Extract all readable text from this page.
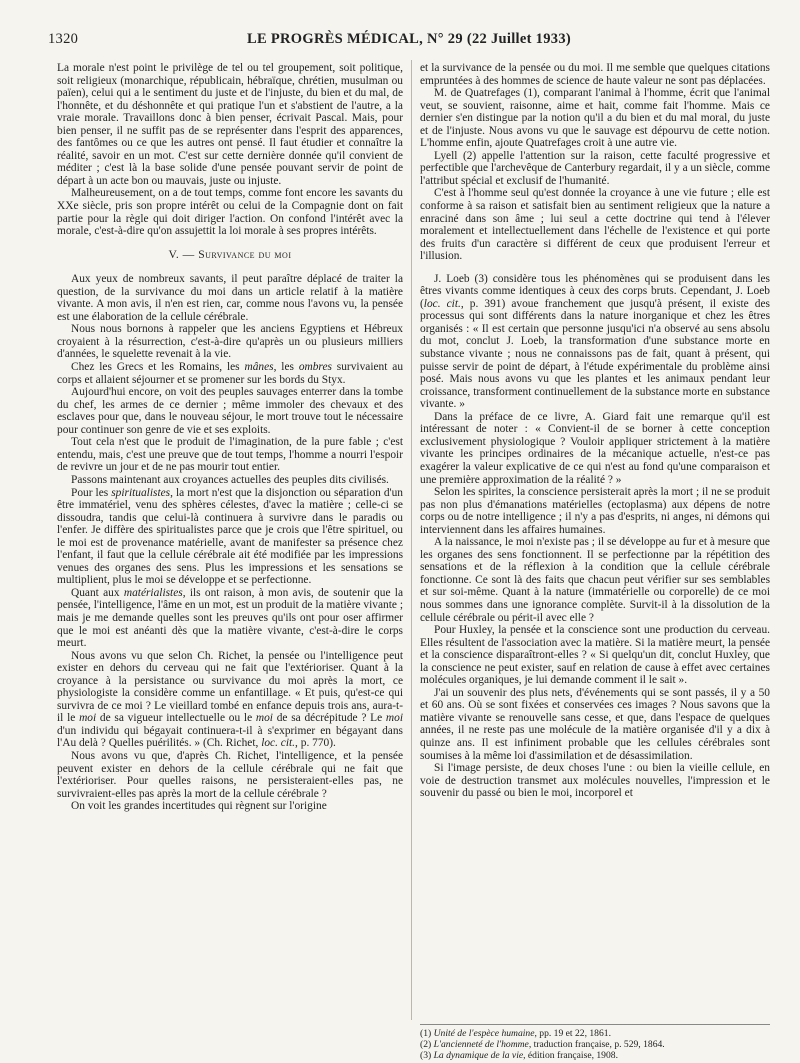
1320	LE PROGRÈS MÉDICAL, N° 29 (22 Juillet 1933)

La morale n'est point le privilège de tel ou tel groupement, soit politique, soit religieux (monarchique, républicain, hébraïque, chrétien, musulman ou païen), celui qui a le sentiment du juste et de l'injuste, du bien et du mal, de l'honnête, et du déshonnête et qui pratique l'un et s'abstient de l'autre, a la vraie morale. Travaillons donc à bien penser, écrivait Pascal. Mais, pour bien penser, il ne suffit pas de se représenter dans l'esprit des apparences, des fantômes ou ce que les autres ont pensé. Il faut étudier et connaître la réalité, savoir en un mot. C'est sur cette dernière donnée qu'il convient de méditer ; c'est là la base solide d'une pensée pouvant servir de point de départ à un acte bon ou mauvais, juste ou injuste.

Malheureusement, on a de tout temps, comme font encore les savants du XXe siècle, pris son propre intérêt ou celui de la Compagnie dont on fait partie pour la règle qui doit diriger l'action. On confond l'intérêt avec la morale, c'est-à-dire qu'on assujettit la loi morale à ses propres intérêts.

V. — Survivance du moi

Aux yeux de nombreux savants, il peut paraître déplacé de traiter la question, de la survivance du moi dans un article relatif à la matière vivante. A mon avis, il n'en est rien, car, comme nous l'avons vu, la pensée est une élaboration de la cellule cérébrale.

Nous nous bornons à rappeler que les anciens Egyptiens et Hébreux croyaient à la résurrection, c'est-à-dire qu'après un ou plusieurs milliers d'années, le squelette revenait à la vie.

Chez les Grecs et les Romains, les mânes, les ombres survivaient au corps et allaient séjourner et se promener sur les bords du Styx.

Aujourd'hui encore, on voit des peuples sauvages enterrer dans la tombe du chef, les armes de ce dernier ; même immoler des chevaux et des esclaves pour que, dans le nouveau séjour, le mort trouve tout le nécessaire pour continuer son genre de vie et ses exploits.

Tout cela n'est que le produit de l'imagination, de la pure fable ; c'est entendu, mais, c'est une preuve que de tout temps, l'homme a nourri l'espoir de revivre un jour et de ne pas mourir tout entier.

Passons maintenant aux croyances actuelles des peuples dits civilisés.

Pour les spiritualistes, la mort n'est que la disjonction ou séparation d'un être immatériel, venu des sphères célestes, d'avec la matière ; celle-ci se dissoudra, tandis que celui-là continuera à survivre dans le paradis ou l'enfer. Je diffère des spiritualistes parce que je crois que l'être spirituel, ou le moi est de provenance matérielle, avant de manifester sa présence chez l'enfant, il faut que la cellule cérébrale ait été modifiée par les impressions venues des organes des sens. Plus les impressions et les sensations se multiplient, plus le moi se développe et se perfectionne.

Quant aux matérialistes, ils ont raison, à mon avis, de soutenir que la pensée, l'intelligence, l'âme en un mot, est un produit de la matière vivante ; mais je me demande quelles sont les preuves qu'ils ont pour oser affirmer que le moi est anéanti dès que la matière vivante, c'est-à-dire le corps meurt.

Nous avons vu que selon Ch. Richet, la pensée ou l'intelligence peut exister en dehors du cerveau qui ne fait que l'extérioriser. Quant à la croyance à la persistance ou survivance du moi après la mort, ce physiologiste la considère comme un enfantillage. « Et puis, qu'est-ce qui survivra de ce moi ? Le vieillard tombé en enfance depuis trois ans, aura-t-il le moi de sa vigueur intellectuelle ou le moi de sa décrépitude ? Le moi d'un individu qui bégayait continuera-t-il à s'exprimer en bégayant dans l'Au delà ? Quelles puérilités. » (Ch. Richet, loc. cit., p. 770).

Nous avons vu que, d'après Ch. Richet, l'intelligence, et la pensée peuvent exister en dehors de la cellule cérébrale qui ne fait que l'extérioriser. Pour quelles raisons, ne persisteraient-elles pas, ne survivraient-elles pas après la mort de la cellule cérébrale ?

On voit les grandes incertitudes qui règnent sur l'origine

et la survivance de la pensée ou du moi. Il me semble que quelques citations empruntées à des hommes de science de haute valeur ne sont pas déplacées.

M. de Quatrefages (1), comparant l'animal à l'homme, écrit que l'animal veut, se souvient, raisonne, aime et hait, comme fait l'homme. Mais ce dernier s'en distingue par la notion qu'il a du bien et du mal moral, du juste et de l'injuste. Nous avons vu que le sauvage est dépourvu de cette notion. L'homme enfin, ajoute Quatrefages croit à une autre vie.

Lyell (2) appelle l'attention sur la raison, cette faculté progressive et perfectible que l'archevêque de Canterbury regardait, il y a un siècle, comme l'attribut spécial et exclusif de l'humanité.

C'est à l'homme seul qu'est donnée la croyance à une vie future ; elle est conforme à sa raison et satisfait bien au sentiment religieux que la nature a enraciné dans son âme ; lui seul a cette doctrine qui tend à l'élever moralement et intellectuellement dans l'échelle de l'existence et qui porte des fruits d'un caractère si différent de ceux que produisent l'erreur et l'illusion.

J. Loeb (3) considère tous les phénomènes qui se produisent dans les êtres vivants comme identiques à ceux des corps bruts. Cependant, J. Loeb (loc. cit., p. 391) avoue franchement que jusqu'à présent, il existe des processus qui sont différents dans la nature inorganique et chez les êtres organisés : « Il est certain que personne jusqu'ici n'a observé au sens absolu du mot, conclut J. Loeb, la transformation d'une substance morte en substance vivante ; nous ne connaissons pas de fait, quant à présent, qui puisse servir de point de départ, à l'étude expérimentale du problème ainsi posé. Mais nous avons vu que les plantes et les animaux pendant leur croissance, transforment continuellement de la substance morte en substance vivante. »

Dans la préface de ce livre, A. Giard fait une remarque qu'il est intéressant de noter : « Convient-il de se borner à cette conception exclusivement physiologique ? Vouloir appliquer strictement à la matière vivante les principes ordinaires de la mécanique actuelle, n'est-ce pas exagérer la valeur explicative de ce qui n'est au fond qu'une comparaison et une première approximation de la réalité ? »

Selon les spirites, la conscience persisterait après la mort ; il ne se produit pas non plus d'émanations matérielles (ectoplasma) aux dépens de notre corps ou de notre intelligence ; il n'y a pas d'esprits, ni anges, ni démons qui interviennent dans les affaires humaines.

A la naissance, le moi n'existe pas ; il se développe au fur et à mesure que les organes des sens fonctionnent. Il se perfectionne par la répétition des sensations et de la réflexion à la condition que la cellule cérébrale fonctionne. Ce sont là des faits que chacun peut vérifier sur ses semblables et sur soi-même. Quant à la nature (immatérielle ou corporelle) de ce moi nous sommes dans une ignorance complète. Survit-il à la dissolution de la cellule cérébrale ou périt-il avec elle ?

Pour Huxley, la pensée et la conscience sont une production du cerveau. Elles résultent de l'association avec la matière. Si la matière meurt, la pensée et la conscience disparaîtront-elles ? « Si quelqu'un dit, conclut Huxley, que la conscience ne peut exister, sauf en relation de cause à effet avec certaines molécules organiques, je lui demande comment il le sait ».

J'ai un souvenir des plus nets, d'événements qui se sont passés, il y a 50 et 60 ans. Où se sont fixées et conservées ces images ? Nous savons que la matière vivante se renouvelle sans cesse, et que, dans l'espace de quelques années, il ne reste pas une molécule de la matière organisée d'il y a dix à quinze ans. Il est infiniment probable que les cellules cérébrales sont soumises à la même loi d'assimilation et de désassimilation.

Si l'image persiste, de deux choses l'une : ou bien la vieille cellule, en voie de destruction transmet aux molécules nouvelles, l'impression et le souvenir du passé ou bien le moi, incorporel et

(1) Unité de l'espèce humaine, pp. 19 et 22, 1861.
(2) L'ancienneté de l'homme, traduction française, p. 529, 1864.
(3) La dynamique de la vie, édition française, 1908.
